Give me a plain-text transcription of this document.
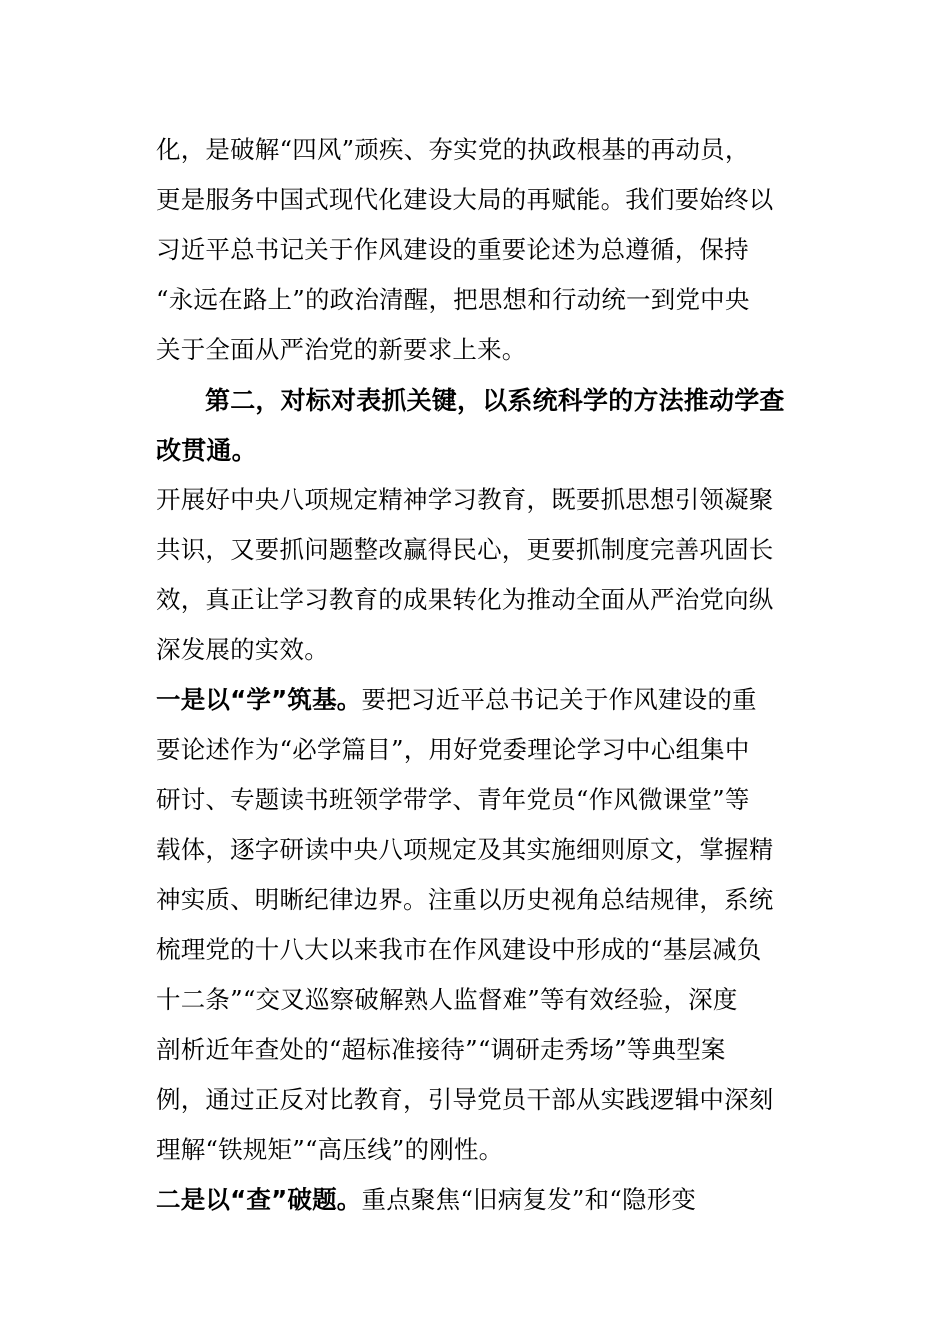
化，是破解“四风”顽疾、夯实党的执政根基的再动员，
更是服务中国式现代化建设大局的再赋能。我们要始终以
习近平总书记关于作风建设的重要论述为总遵循，保持
“永远在路上”的政治清醒，把思想和行动统一到党中央
关于全面从严治党的新要求上来。
第二，对标对表抓关键，以系统科学的方法推动学查
改贯通。
开展好中央八项规定精神学习教育，既要抓思想引领凝聚
共识，又要抓问题整改赢得民心，更要抓制度完善巩固长
效，真正让学习教育的成果转化为推动全面从严治党向纵
深发展的实效。
一是以“学”筑基。要把习近平总书记关于作风建设的重
要论述作为“必学篇目”，用好党委理论学习中心组集中
研讨、专题读书班领学带学、青年党员“作风微课堂”等
载体，逐字研读中央八项规定及其实施细则原文，掌握精
神实质、明晰纪律边界。注重以历史视角总结规律，系统
梳理党的十八大以来我市在作风建设中形成的“基层减负
十二条”“交叉巡察破解熟人监督难”等有效经验，深度
剖析近年查处的“超标准接待”“调研走秀场”等典型案
例，通过正反对比教育，引导党员干部从实践逻辑中深刻
理解“铁规矩”“高压线”的刚性。
二是以“查”破题。重点聚焦“旧病复发”和“隐形变
